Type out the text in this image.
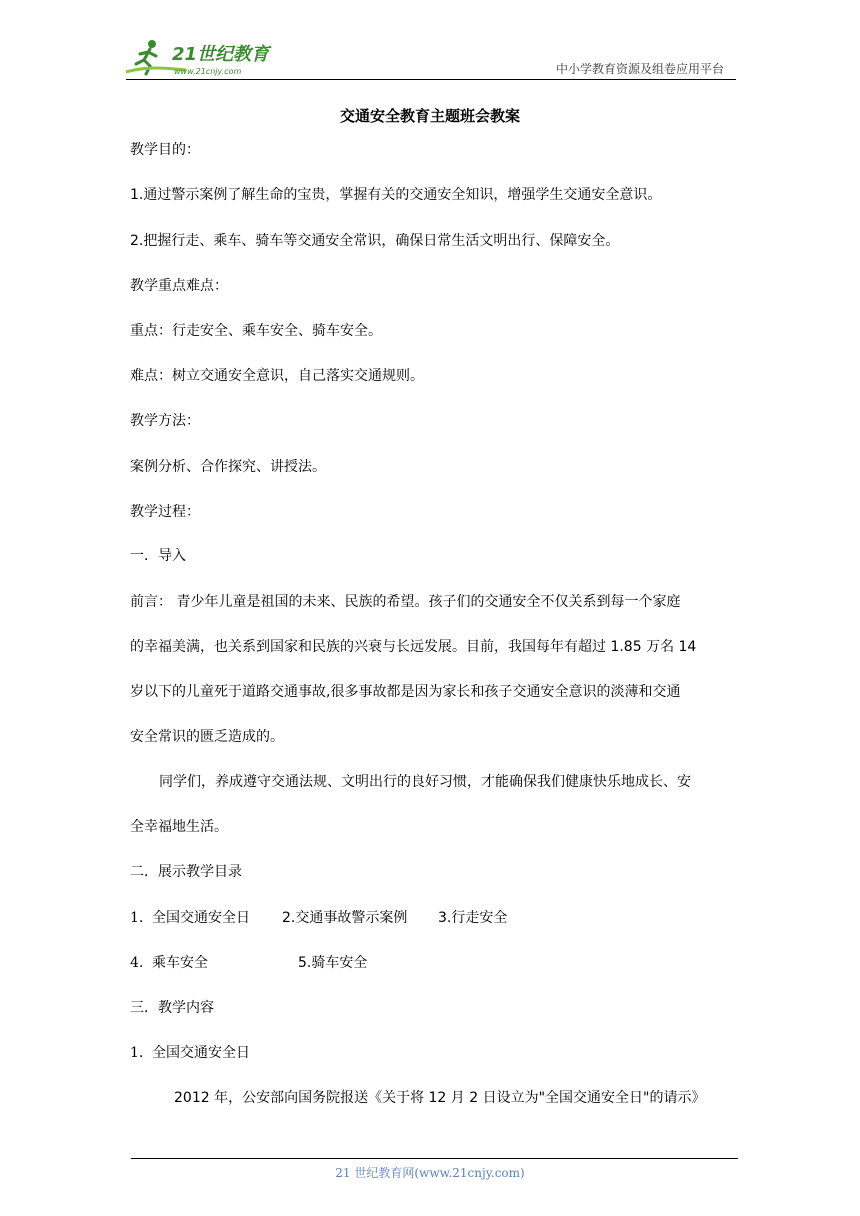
21世纪教育
www.21cnjy.com	中小学教育资源及组卷应用平台
交通安全教育主题班会教案
教学目的：
1.通过警示案例了解生命的宝贵，掌握有关的交通安全知识，增强学生交通安全意识。
2.把握行走、乘车、骑车等交通安全常识，确保日常生活文明出行、保障安全。
教学重点难点：
重点：行走安全、乘车安全、骑车安全。
难点：树立交通安全意识，自己落实交通规则。
教学方法：
案例分析、合作探究、讲授法。
教学过程：
一．导入
前言： 青少年儿童是祖国的未来、民族的希望。孩子们的交通安全不仅关系到每一个家庭
的幸福美满，也关系到国家和民族的兴衰与长远发展。目前，我国每年有超过 1.85 万名 14
岁以下的儿童死于道路交通事故,很多事故都是因为家长和孩子交通安全意识的淡薄和交通
安全常识的匮乏造成的。
同学们，养成遵守交通法规、文明出行的良好习惯，才能确保我们健康快乐地成长、安
全幸福地生活。
二．展示教学目录
1. 全国交通安全日 2.交通事故警示案例 3.行走安全
4. 乘车安全	5.骑车安全
三．教学内容
1. 全国交通安全日
2012 年，公安部向国务院报送《关于将 12 月 2 日设立为"全国交通安全日"的请示》
21 世纪教育网(www.21cnjy.com)
